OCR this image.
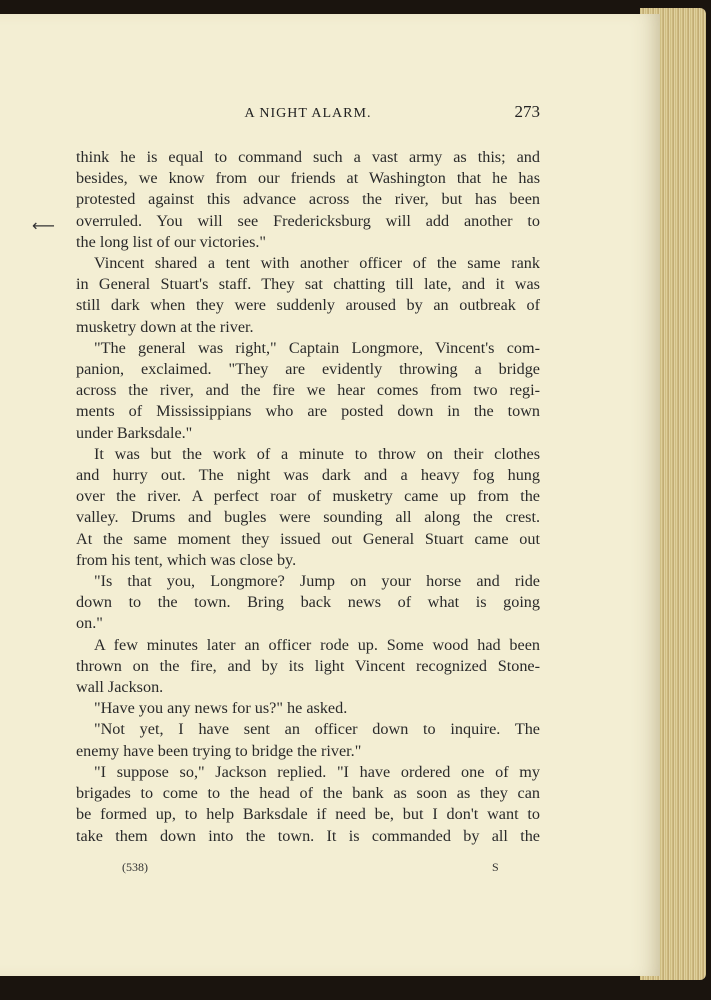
A NIGHT ALARM.	273
⟵
think he is equal to command such a vast army as this; and
besides, we know from our friends at Washington that he has
protested against this advance across the river, but has been
overruled. You will see Fredericksburg will add another to
the long list of our victories."
Vincent shared a tent with another officer of the same rank
in General Stuart's staff. They sat chatting till late, and it was
still dark when they were suddenly aroused by an outbreak of
musketry down at the river.
"The general was right," Captain Longmore, Vincent's com-
panion, exclaimed. "They are evidently throwing a bridge
across the river, and the fire we hear comes from two regi-
ments of Mississippians who are posted down in the town
under Barksdale."
It was but the work of a minute to throw on their clothes
and hurry out. The night was dark and a heavy fog hung
over the river. A perfect roar of musketry came up from the
valley. Drums and bugles were sounding all along the crest.
At the same moment they issued out General Stuart came out
from his tent, which was close by.
"Is that you, Longmore? Jump on your horse and ride
down to the town. Bring back news of what is going
on."
A few minutes later an officer rode up. Some wood had been
thrown on the fire, and by its light Vincent recognized Stone-
wall Jackson.
"Have you any news for us?" he asked.
"Not yet, I have sent an officer down to inquire. The
enemy have been trying to bridge the river."
"I suppose so," Jackson replied. "I have ordered one of my
brigades to come to the head of the bank as soon as they can
be formed up, to help Barksdale if need be, but I don't want to
take them down into the town. It is commanded by all the
(538)	S
